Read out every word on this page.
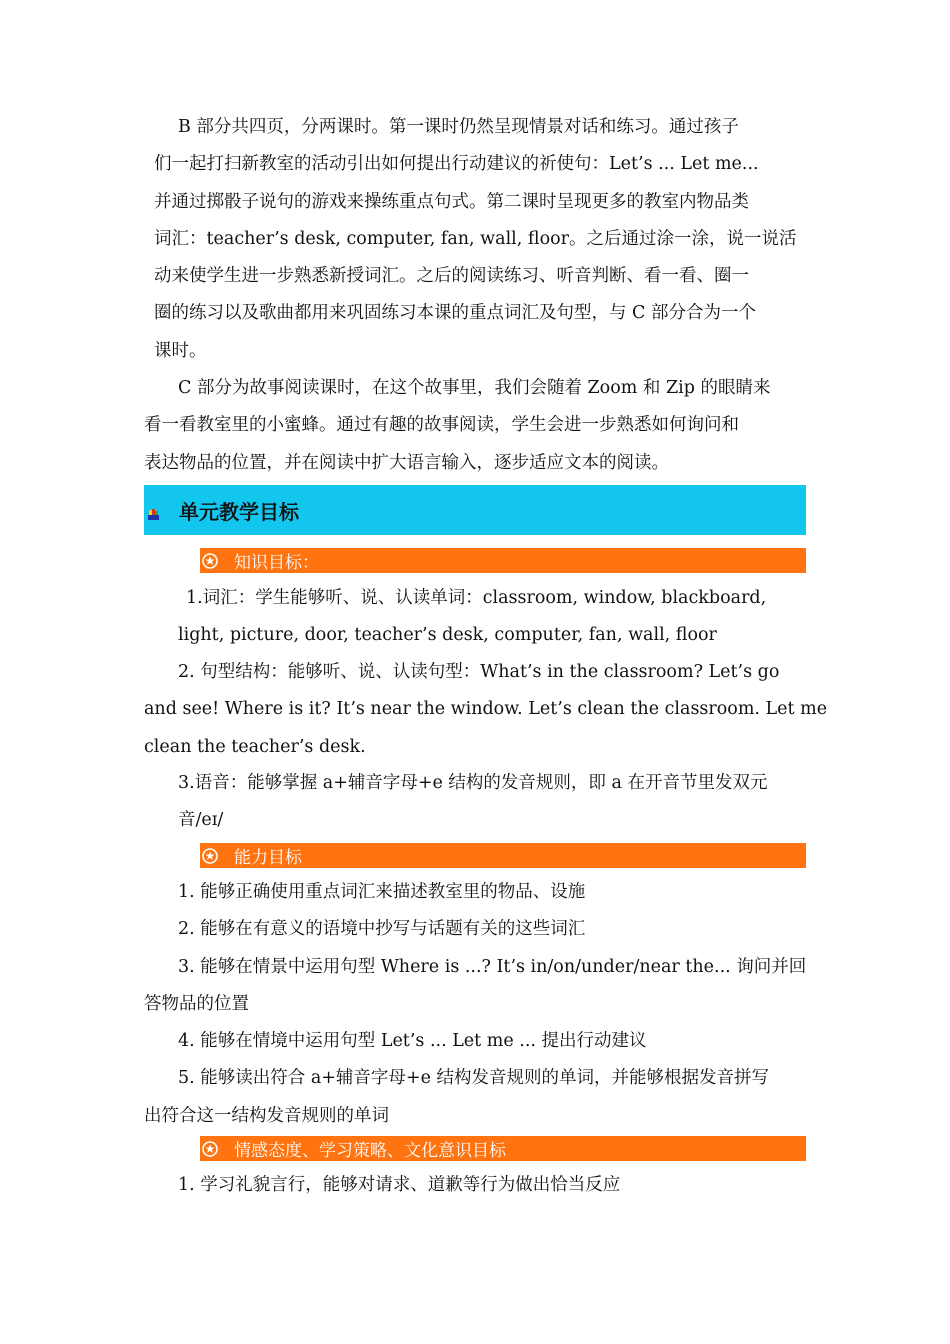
B 部分共四页，分两课时。第一课时仍然呈现情景对话和练习。通过孩子
们一起打扫新教室的活动引出如何提出行动建议的祈使句：Let’s ... Let me...
并通过掷骰子说句的游戏来操练重点句式。第二课时呈现更多的教室内物品类
词汇：teacher’s desk, computer, fan, wall, floor。之后通过涂一涂，说一说活
动来使学生进一步熟悉新授词汇。之后的阅读练习、听音判断、看一看、圈一
圈的练习以及歌曲都用来巩固练习本课的重点词汇及句型，与 C 部分合为一个
课时。
C 部分为故事阅读课时，在这个故事里，我们会随着 Zoom 和 Zip 的眼睛来
看一看教室里的小蜜蜂。通过有趣的故事阅读，学生会进一步熟悉如何询问和
表达物品的位置，并在阅读中扩大语言输入，逐步适应文本的阅读。
单元教学目标
知识目标：
1.词汇：学生能够听、说、认读单词：classroom, window, blackboard,
light, picture, door, teacher’s desk, computer, fan, wall, floor
2. 句型结构：能够听、说、认读句型：What’s in the classroom? Let’s go
and see! Where is it? It’s near the window. Let’s clean the classroom. Let me
clean the teacher’s desk.
3.语音：能够掌握 a+辅音字母+e 结构的发音规则，即 a 在开音节里发双元
音/eɪ/
能力目标
1. 能够正确使用重点词汇来描述教室里的物品、设施
2. 能够在有意义的语境中抄写与话题有关的这些词汇
3. 能够在情景中运用句型 Where is ...? It’s in/on/under/near the... 询问并回
答物品的位置
4. 能够在情境中运用句型 Let’s ... Let me ... 提出行动建议
5. 能够读出符合 a+辅音字母+e 结构发音规则的单词，并能够根据发音拼写
出符合这一结构发音规则的单词
情感态度、学习策略、文化意识目标
1. 学习礼貌言行，能够对请求、道歉等行为做出恰当反应
